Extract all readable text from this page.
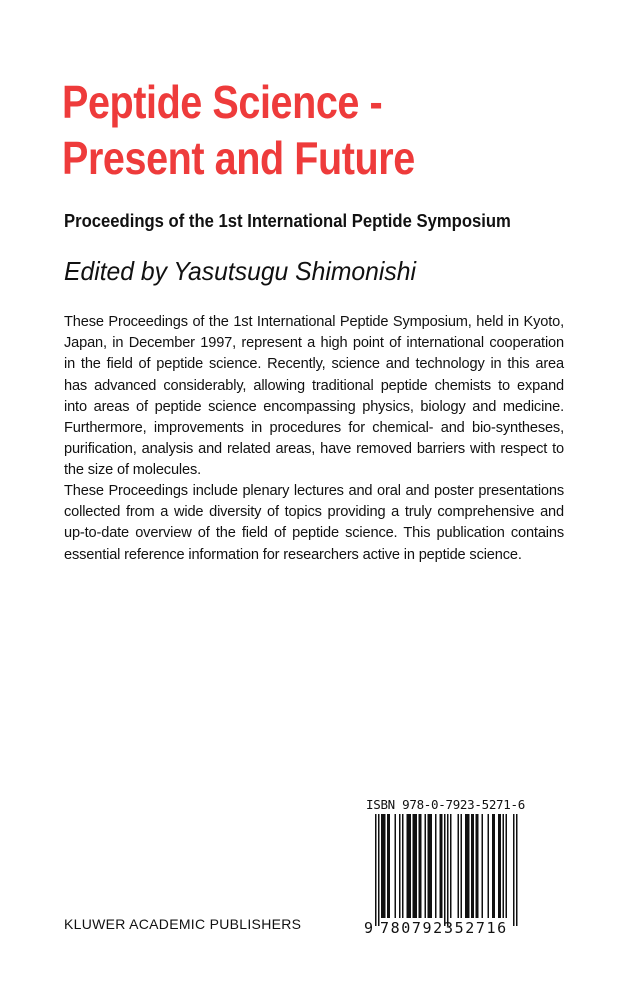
Peptide Science -
Present and Future
Proceedings of the 1st International Peptide Symposium

Edited by Yasutsugu Shimonishi

These Proceedings of the 1st International Peptide Symposium, held in Kyoto, Japan, in December 1997, represent a high point of international cooperation in the field of peptide science. Recently, science and technology in this area has advanced considerably, allowing traditional peptide chemists to expand into areas of peptide science encompassing physics, biology and medicine. Furthermore, improvements in procedures for chemical- and bio-syntheses, purification, analysis and related areas, have removed barriers with respect to the size of molecules.

These Proceedings include plenary lectures and oral and poster presentations collected from a wide diversity of topics providing a truly comprehensive and up-to-date overview of the field of peptide science. This publication contains essential reference information for researchers active in peptide science.

ISBN 978-0-7923-5271-6
9 780792 352716

KLUWER ACADEMIC PUBLISHERS
